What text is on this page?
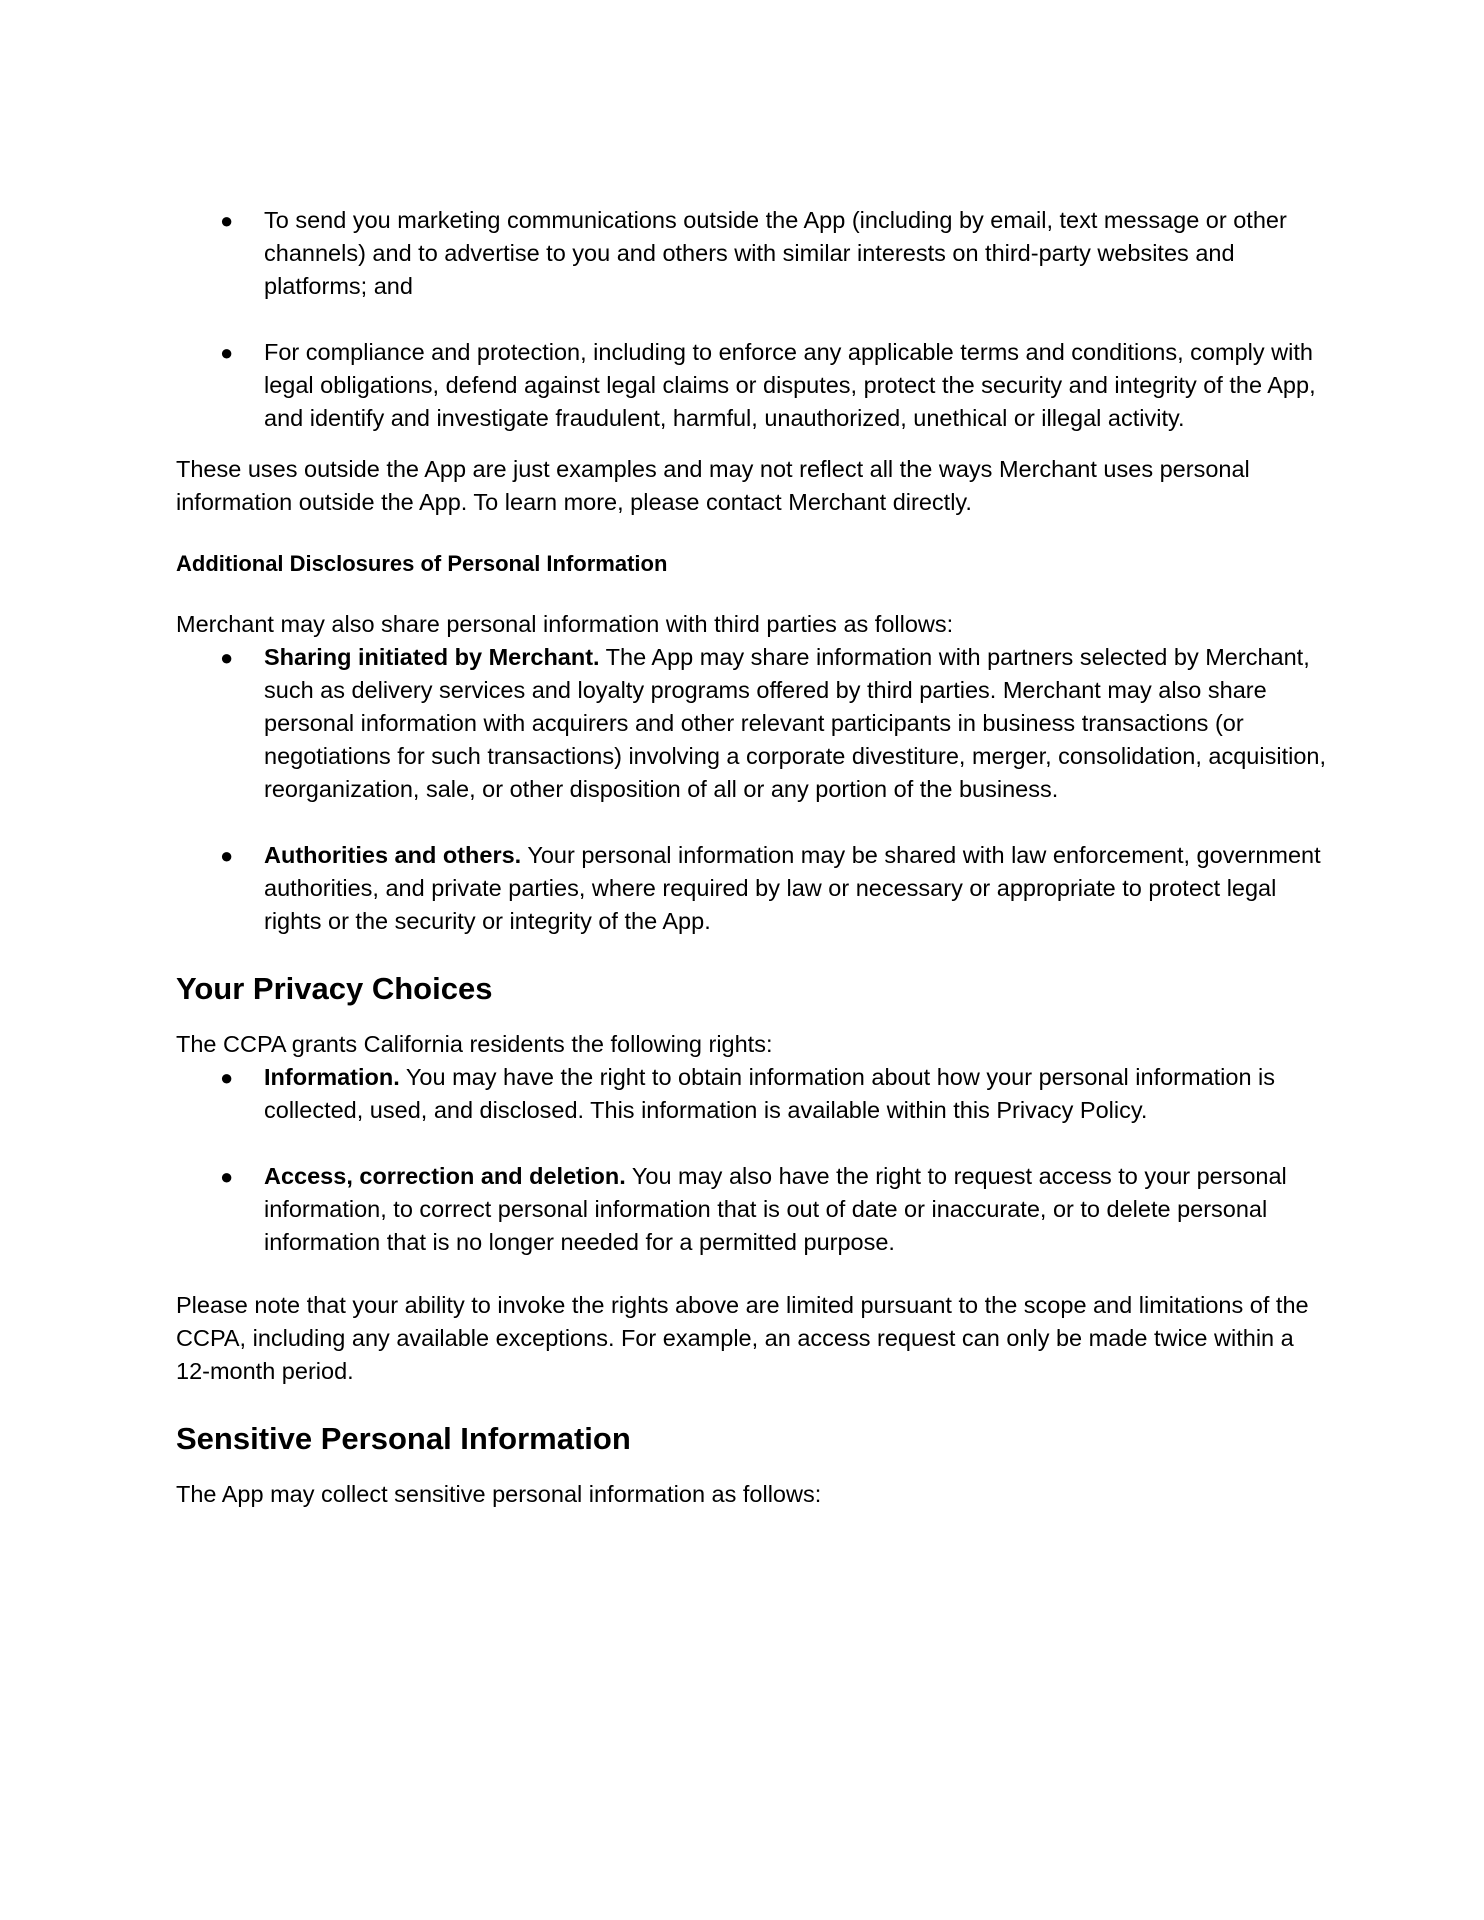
● To send you marketing communications outside the App (including by email, text message or other channels) and to advertise to you and others with similar interests on third-party websites and platforms; and
● For compliance and protection, including to enforce any applicable terms and conditions, comply with legal obligations, defend against legal claims or disputes, protect the security and integrity of the App, and identify and investigate fraudulent, harmful, unauthorized, unethical or illegal activity.

These uses outside the App are just examples and may not reflect all the ways Merchant uses personal information outside the App. To learn more, please contact Merchant directly.

Additional Disclosures of Personal Information

Merchant may also share personal information with third parties as follows:

● Sharing initiated by Merchant. The App may share information with partners selected by Merchant, such as delivery services and loyalty programs offered by third parties. Merchant may also share personal information with acquirers and other relevant participants in business transactions (or negotiations for such transactions) involving a corporate divestiture, merger, consolidation, acquisition, reorganization, sale, or other disposition of all or any portion of the business.
● Authorities and others. Your personal information may be shared with law enforcement, government authorities, and private parties, where required by law or necessary or appropriate to protect legal rights or the security or integrity of the App.
Your Privacy Choices

The CCPA grants California residents the following rights:

● Information. You may have the right to obtain information about how your personal information is collected, used, and disclosed. This information is available within this Privacy Policy.
● Access, correction and deletion. You may also have the right to request access to your personal information, to correct personal information that is out of date or inaccurate, or to delete personal information that is no longer needed for a permitted purpose.

Please note that your ability to invoke the rights above are limited pursuant to the scope and limitations of the CCPA, including any available exceptions. For example, an access request can only be made twice within a 12-month period.

Sensitive Personal Information

The App may collect sensitive personal information as follows:
